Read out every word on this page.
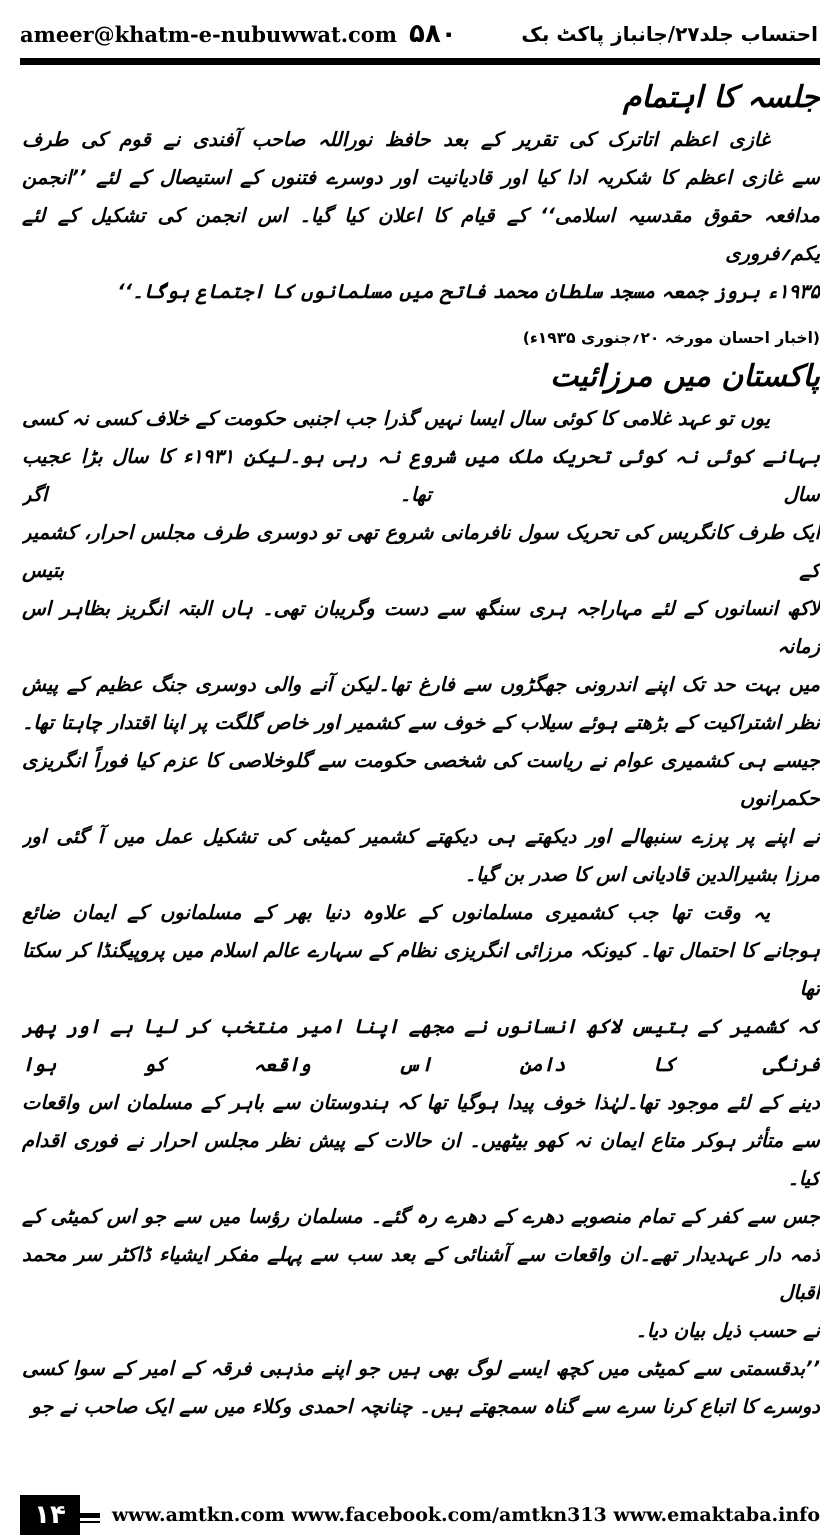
ameer@khatm-e-nubuwwat.com ۵۸۰	احتساب جلد۲۷/جانباز پاکٹ بک
جلسہ کا اہتمام
غازی اعظم اتاترک کی تقریر کے بعد حافظ نوراللہ صاحب آفندی نے قوم کی طرف
سے غازی اعظم کا شکریہ ادا کیا اور قادیانیت اور دوسرے فتنوں کے استیصال کے لئے ’’انجمن
مدافعہ حقوق مقدسیہ اسلامی‘‘ کے قیام کا اعلان کیا گیا۔ اس انجمن کی تشکیل کے لئے یکم؍فروری
۱۹۳۵ء بروز جمعہ مسجد سلطان محمد فاتح میں مسلمانوں کا اجتماع ہوگا۔‘‘
(اخبار احسان مورخہ ۲۰؍جنوری ۱۹۳۵ء)
پاکستان میں مرزائیت
یوں تو عہد غلامی کا کوئی سال ایسا نہیں گذرا جب اجنبی حکومت کے خلاف کسی نہ کسی
بہانے کوئی نہ کوئی تحریک ملک میں شروع نہ رہی ہو۔لیکن ۱۹۳۱ء کا سال بڑا عجیب سال تھا۔ اگر
ایک طرف کانگریس کی تحریک سول نافرمانی شروع تھی تو دوسری طرف مجلس احرار، کشمیر کے بتیس
لاکھ انسانوں کے لئے مہاراجہ ہری سنگھ سے دست وگریبان تھی۔ ہاں البتہ انگریز بظاہر اس زمانہ
میں بہت حد تک اپنے اندرونی جھگڑوں سے فارغ تھا۔لیکن آنے والی دوسری جنگ عظیم کے پیش
نظر اشتراکیت کے بڑھتے ہوئے سیلاب کے خوف سے کشمیر اور خاص گلگت پر اپنا اقتدار چاہتا تھا۔
جیسے ہی کشمیری عوام نے ریاست کی شخصی حکومت سے گلوخلاصی کا عزم کیا فوراً انگریزی حکمرانوں
نے اپنے پر پرزے سنبھالے اور دیکھتے ہی دیکھتے کشمیر کمیٹی کی تشکیل عمل میں آ گئی اور
مرزا بشیرالدین قادیانی اس کا صدر بن گیا۔
یہ وقت تھا جب کشمیری مسلمانوں کے علاوہ دنیا بھر کے مسلمانوں کے ایمان ضائع
ہوجانے کا احتمال تھا۔ کیونکہ مرزائی انگریزی نظام کے سہارے عالم اسلام میں پروپیگنڈا کر سکتا تھا
کہ کشمیر کے بتیس لاکھ انسانوں نے مجھے اپنا امیر منتخب کر لیا ہے اور پھر فرنگی کا دامن اس واقعہ کو ہوا
دینے کے لئے موجود تھا۔لہٰذا خوف پیدا ہوگیا تھا کہ ہندوستان سے باہر کے مسلمان اس واقعات
سے متأثر ہوکر متاع ایمان نہ کھو بیٹھیں۔ ان حالات کے پیش نظر مجلس احرار نے فوری اقدام کیا۔
جس سے کفر کے تمام منصوبے دھرے کے دھرے رہ گئے۔ مسلمان رؤسا میں سے جو اس کمیٹی کے
ذمہ دار عہدیدار تھے۔ان واقعات سے آشنائی کے بعد سب سے پہلے مفکر ایشیاء ڈاکٹر سر محمد اقبال
نے حسب ذیل بیان دیا۔
’’بدقسمتی سے کمیٹی میں کچھ ایسے لوگ بھی ہیں جو اپنے مذہبی فرقہ کے امیر کے سوا کسی
دوسرے کا اتباع کرنا سرے سے گناہ سمجھتے ہیں۔ چنانچہ احمدی وکلاء میں سے ایک صاحب نے جو
www.amtkn.com www.facebook.com/amtkn313 www.emaktaba.info
۱۴
